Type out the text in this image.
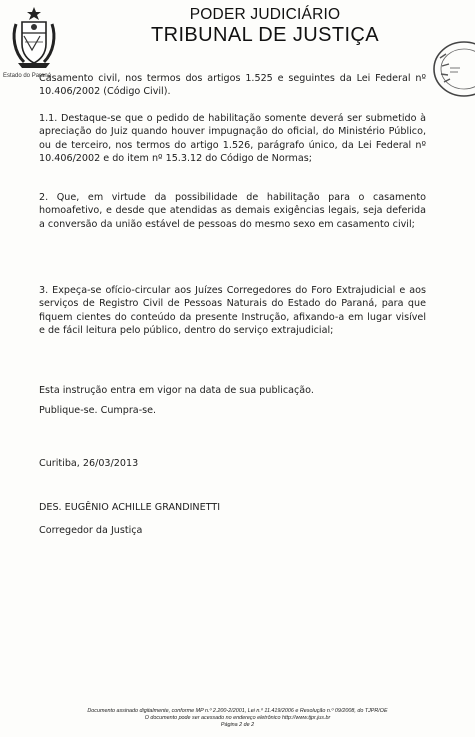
Estado do Paraná
PODER JUDICIÁRIO
TRIBUNAL DE JUSTIÇA
Casamento civil, nos termos dos artigos 1.525 e seguintes da Lei Federal nº 10.406/2002 (Código Civil).
1.1. Destaque-se que o pedido de habilitação somente deverá ser submetido à apreciação do Juiz quando houver impugnação do oficial, do Ministério Público, ou de terceiro, nos termos do artigo 1.526, parágrafo único, da Lei Federal nº 10.406/2002 e do item nº 15.3.12 do Código de Normas;
2. Que, em virtude da possibilidade de habilitação para o casamento homoafetivo, e desde que atendidas as demais exigências legais, seja deferida a conversão da união estável de pessoas do mesmo sexo em casamento civil;
3. Expeça-se ofício-circular aos Juízes Corregedores do Foro Extrajudicial e aos serviços de Registro Civil de Pessoas Naturais do Estado do Paraná, para que fiquem cientes do conteúdo da presente Instrução, afixando-a em lugar visível e de fácil leitura pelo público, dentro do serviço extrajudicial;
Esta instrução entra em vigor na data de sua publicação.
Publique-se. Cumpra-se.
Curitiba, 26/03/2013
DES. EUGÊNIO ACHILLE GRANDINETTI
Corregedor da Justiça
Documento assinado digitalmente, conforme MP n.º 2.200-2/2001, Lei n.º 11.419/2006 e Resolução n.º 09/2008, do TJPR/OE
O documento pode ser acessado no endereço eletrônico http://www.tjpr.jus.br
Página 2 de 2
